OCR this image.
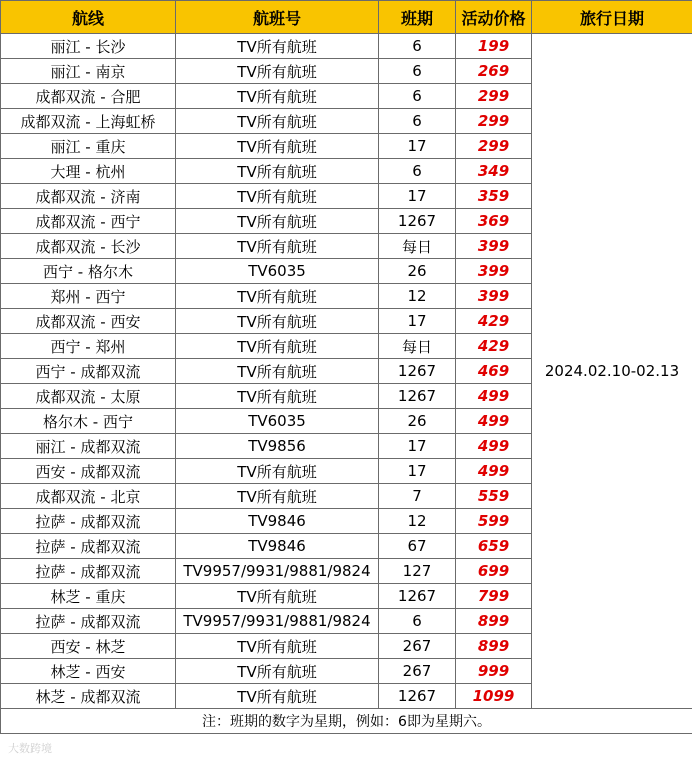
航线	航班号	班期	活动价格	旅行日期
丽江 - 长沙	TV所有航班	6	199	2024.02.10-02.13
丽江 - 南京	TV所有航班	6	269	
成都双流 - 合肥	TV所有航班	6	299	
成都双流 - 上海虹桥	TV所有航班	6	299	
丽江 - 重庆	TV所有航班	17	299	
大理 - 杭州	TV所有航班	6	349	
成都双流 - 济南	TV所有航班	17	359	
成都双流 - 西宁	TV所有航班	1267	369	
成都双流 - 长沙	TV所有航班	每日	399	
西宁 - 格尔木	TV6035	26	399	
郑州 - 西宁	TV所有航班	12	399	
成都双流 - 西安	TV所有航班	17	429	
西宁 - 郑州	TV所有航班	每日	429	
西宁 - 成都双流	TV所有航班	1267	469	
成都双流 - 太原	TV所有航班	1267	499	
格尔木 - 西宁	TV6035	26	499	
丽江 - 成都双流	TV9856	17	499	
西安 - 成都双流	TV所有航班	17	499	
成都双流 - 北京	TV所有航班	7	559	
拉萨 - 成都双流	TV9846	12	599	
拉萨 - 成都双流	TV9846	67	659	
拉萨 - 成都双流	TV9957/9931/9881/9824	127	699	
林芝 - 重庆	TV所有航班	1267	799	
拉萨 - 成都双流	TV9957/9931/9881/9824	6	899	
西安 - 林芝	TV所有航班	267	899	
林芝 - 西安	TV所有航班	267	999	
林芝 - 成都双流	TV所有航班	1267	1099	
注：班期的数字为星期，例如：6即为星期六。				
大数跨境
